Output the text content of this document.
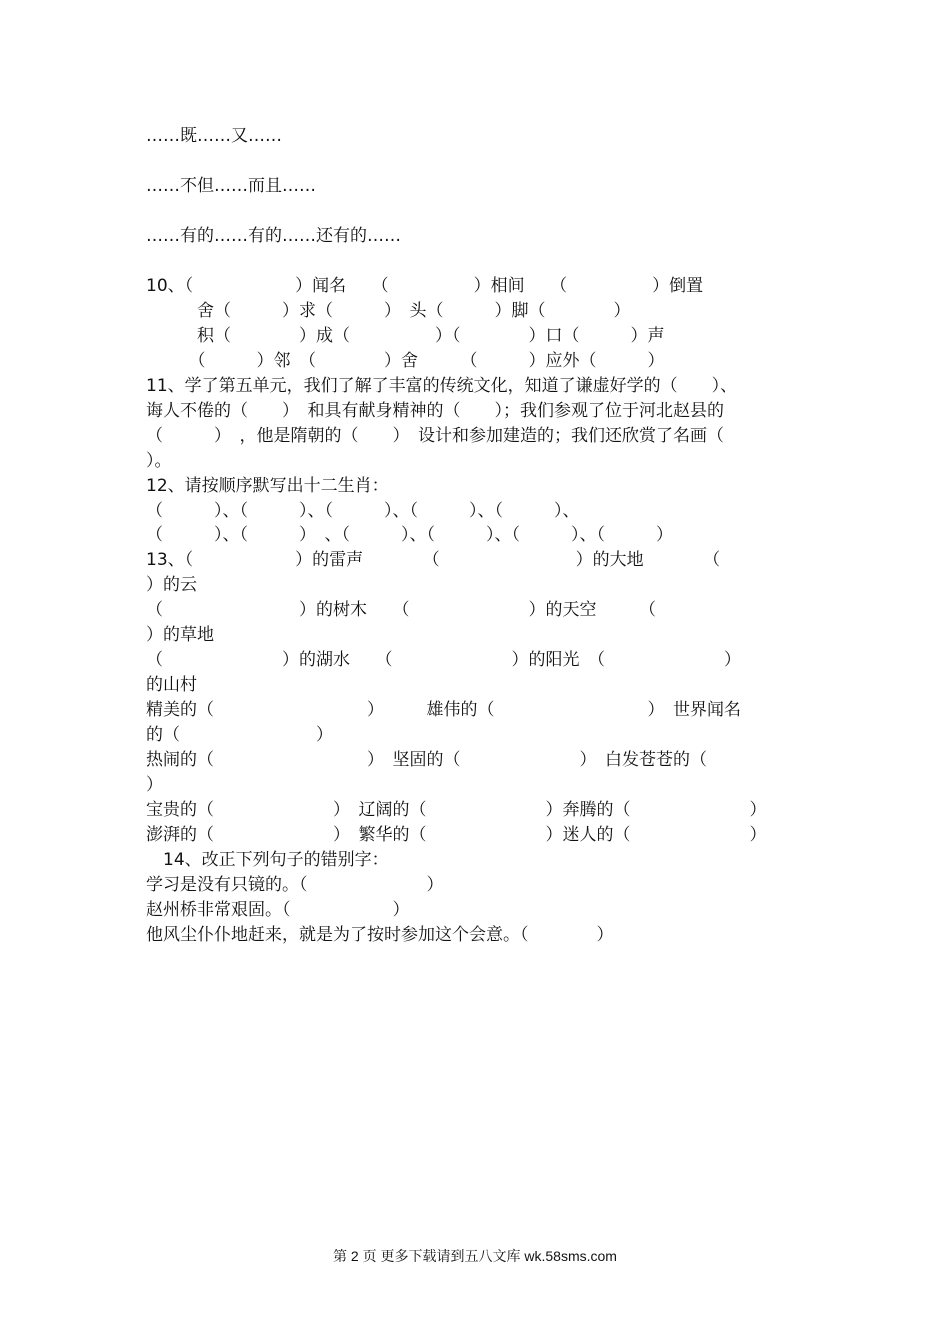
……既……又……
……不但……而且……
……有的……有的……还有的……
10、（　　　　　　）闻名　　（　　　　　）相间　　（　　　　　）倒置
　　　舍（　　　）求（　　　）　头（　　　）脚（　　　　）
　　　积（　　　　）成（　　　　　）（　　　　）口（　　　）声
　　　（　　　）邻　（　　　　）舍　　　（　　　）应外（　　　）
11、学了第五单元，我们了解了丰富的传统文化，知道了谦虚好学的（　　）、
诲人不倦的（　　）　和具有献身精神的（　　）；我们参观了位于河北赵县的
（　　　）　，他是隋朝的（　　）　设计和参加建造的；我们还欣赏了名画（
）。
12、请按顺序默写出十二生肖：
（　　　）、（　　　）、（　　　）、（　　　）、（　　　）、
（　　　）、（　　　）　、（　　　）、（　　　）、（　　　）、（　　　）
13、（　　　　　　）的雷声　　　　（　　　　　　　　）的大地　　　　（
）的云
（　　　　　　　　）的树木　　（　　　　　　　）的天空　　　（
）的草地
（　　　　　　　）的湖水　　（　　　　　　　）的阳光　（　　　　　　　）
的山村
精美的（　　　　　　　　　）　　　雄伟的（　　　　　　　　　）　世界闻名
的（　　　　　　　　）
热闹的（　　　　　　　　　）　坚固的（　　　　　　　）　白发苍苍的（
）
宝贵的（　　　　　　　）　辽阔的（　　　　　　　）奔腾的（　　　　　　　）
澎湃的（　　　　　　　）　繁华的（　　　　　　　）迷人的（　　　　　　　）
　14、改正下列句子的错别字：
学习是没有只镜的。（　　　　　　　）
赵州桥非常艰固。（　　　　　　）
他风尘仆仆地赶来，就是为了按时参加这个会意。（　　　　）
第 2 页 更多下载请到五八文库 wk.58sms.com
